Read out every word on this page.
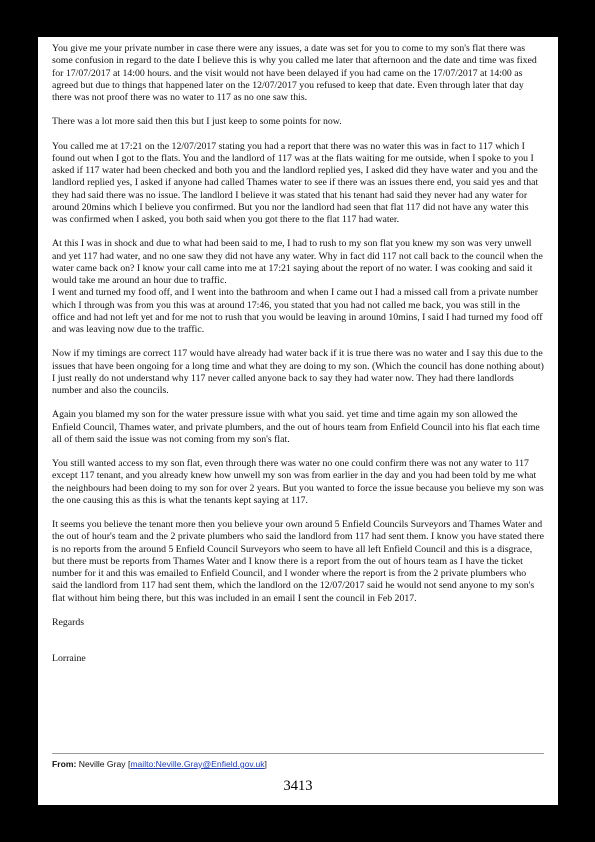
You give me your private number in case there were any issues, a date was set for you to come to my son's flat there was some confusion in regard to the date I believe this is why you called me later that afternoon and the date and time was fixed for 17/07/2017 at 14:00 hours. and the visit would not have been delayed if you had came on the 17/07/2017 at 14:00 as agreed but due to things that happened later on the 12/07/2017 you refused to keep that date. Even through later that day there was not proof there was no water to 117 as no one saw this.

There was a lot more said then this but I just keep to some points for now.

You called me at 17:21 on the 12/07/2017 stating you had a report that there was no water this was in fact to 117 which I found out when I got to the flats. You and the landlord of 117 was at the flats waiting for me outside, when I spoke to you I asked if 117 water had been checked and both you and the landlord replied yes, I asked did they have water and you and the landlord replied yes, I asked if anyone had called Thames water to see if there was an issues there end, you said yes and that they had said there was no issue. The landlord I believe it was stated that his tenant had said they never had any water for around 20mins which I believe you confirmed. But you nor the landlord had seen that flat 117 did not have any water this was confirmed when I asked, you both said when you got there to the flat 117 had water.

At this I was in shock and due to what had been said to me, I had to rush to my son flat you knew my son was very unwell and yet 117 had water, and no one saw they did not have any water. Why in fact did 117 not call back to the council when the water came back on? I know your call came into me at 17:21 saying about the report of no water. I was cooking and said it would take me around an hour due to traffic.

I went and turned my food off, and I went into the bathroom and when I came out I had a missed call from a private number which I through was from you this was at around 17:46, you stated that you had not called me back, you was still in the office and had not left yet and for me not to rush that you would be leaving in around 10mins, I said I had turned my food off and was leaving now due to the traffic.

Now if my timings are correct 117 would have already had water back if it is true there was no water and I say this due to the issues that have been ongoing for a long time and what they are doing to my son. (Which the council has done nothing about) I just really do not understand why 117 never called anyone back to say they had water now. They had there landlords number and also the councils.

Again you blamed my son for the water pressure issue with what you said. yet time and time again my son allowed the Enfield Council, Thames water, and private plumbers, and the out of hours team from Enfield Council into his flat each time all of them said the issue was not coming from my son's flat.

You still wanted access to my son flat, even through there was water no one could confirm there was not any water to 117 except 117 tenant, and you already knew how unwell my son was from earlier in the day and you had been told by me what the neighbours had been doing to my son for over 2 years. But you wanted to force the issue because you believe my son was the one causing this as this is what the tenants kept saying at 117.

It seems you believe the tenant more then you believe your own around 5 Enfield Councils Surveyors and Thames Water and the out of hour's team and the 2 private plumbers who said the landlord from 117 had sent them. I know you have stated there is no reports from the around 5 Enfield Council Surveyors who seem to have all left Enfield Council and this is a disgrace, but there must be reports from Thames Water and I know there is a report from the out of hours team as I have the ticket number for it and this was emailed to Enfield Council, and I wonder where the report is from the 2 private plumbers who said the landlord from 117 had sent them, which the landlord on the 12/07/2017 said he would not send anyone to my son's flat without him being there, but this was included in an email I sent the council in Feb 2017.

Regards

Lorraine

From: Neville Gray [mailto:Neville.Gray@Enfield.gov.uk]
3413
